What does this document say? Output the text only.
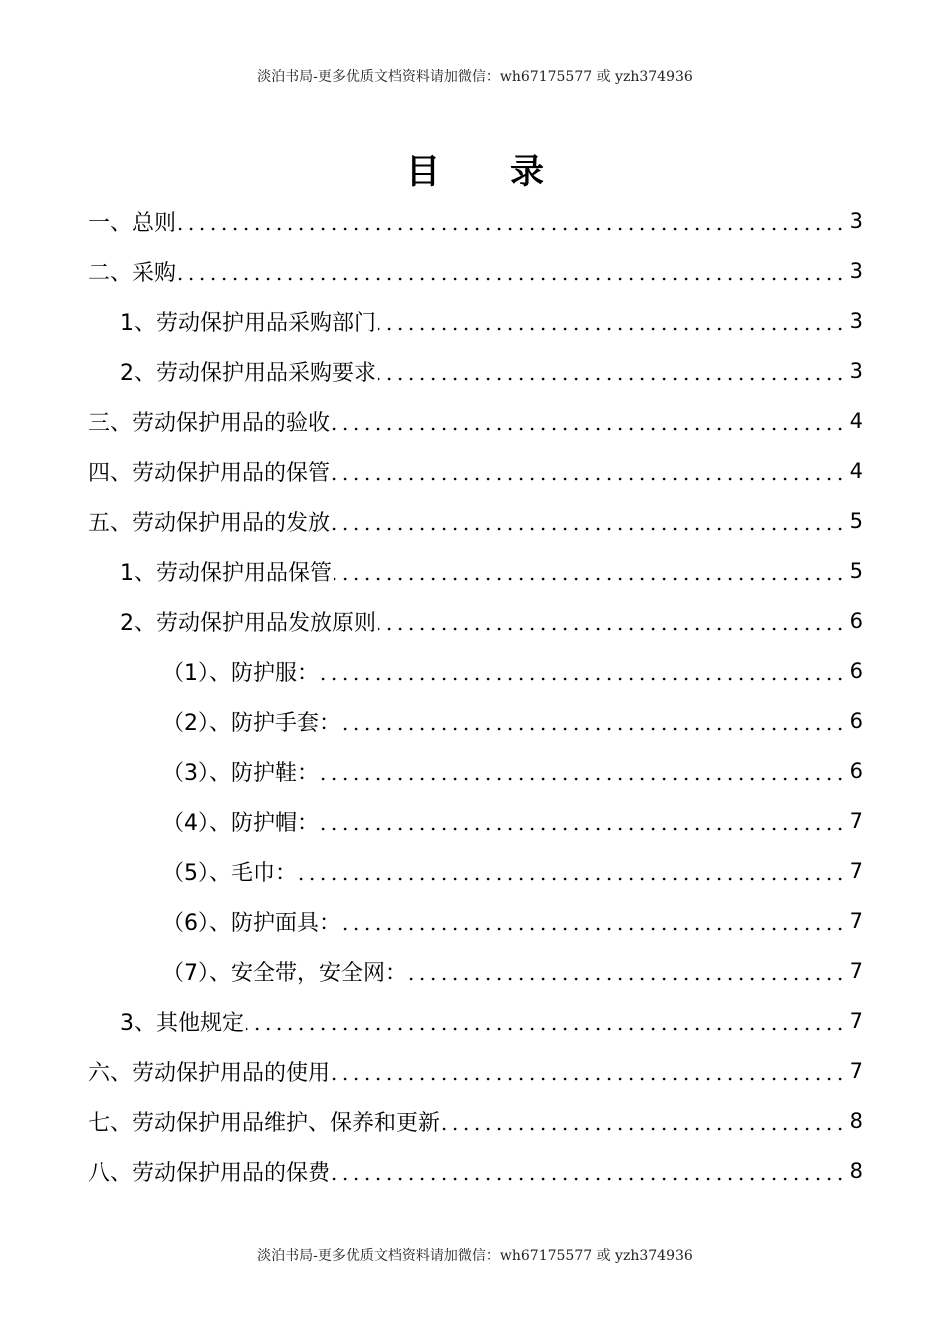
淡泊书局-更多优质文档资料请加微信：wh67175577 或 yzh374936
目录
一、总则	3
二、采购	3
1、劳动保护用品采购部门	3
2、劳动保护用品采购要求	3
三、劳动保护用品的验收	4
四、劳动保护用品的保管	4
五、劳动保护用品的发放	5
1、劳动保护用品保管	5
2、劳动保护用品发放原则	6
（1）、防护服：	6
（2）、防护手套：	6
（3）、防护鞋：	6
（4）、防护帽：	7
（5）、毛巾：	7
（6）、防护面具：	7
（7）、安全带，安全网：	7
3、其他规定	7
六、劳动保护用品的使用	7
七、劳动保护用品维护、保养和更新	8
八、劳动保护用品的保费	8
淡泊书局-更多优质文档资料请加微信：wh67175577 或 yzh374936
